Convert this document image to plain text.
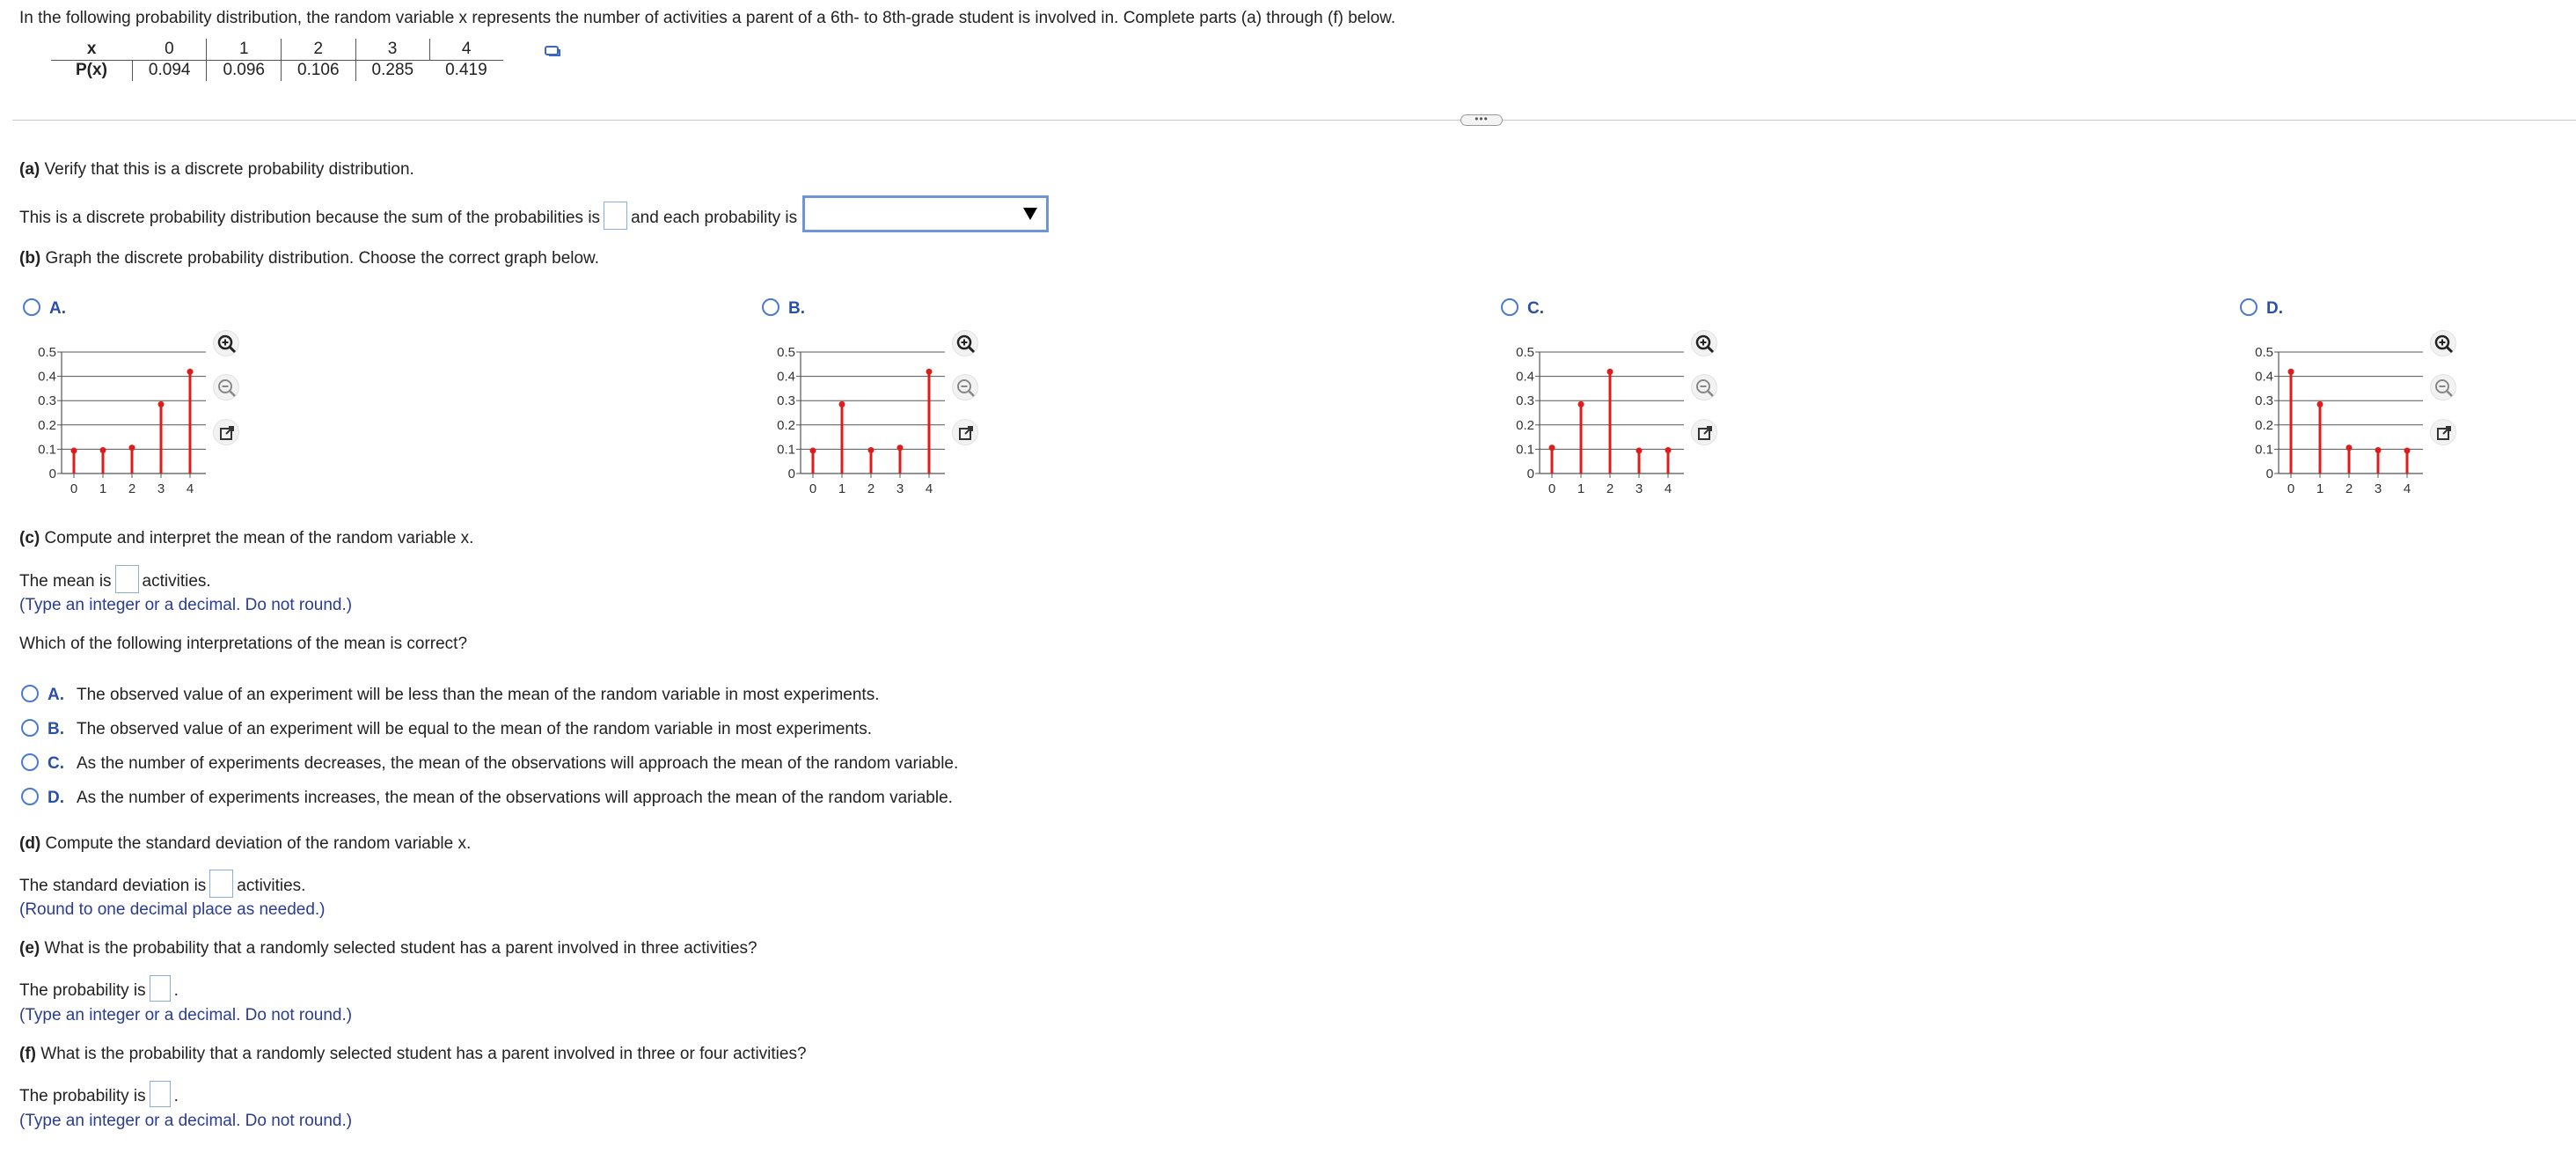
In the following probability distribution, the random variable x represents the number of activities a parent of a 6th- to 8th-grade student is involved in. Complete parts (a) through (f) below.
x	0	1	2	3	4
P(x)	0.094	0.096	0.106	0.285	0.419
•••
(a) Verify that this is a discrete probability distribution.
This is a discrete probability distribution because the sum of the probabilities is and each probability is
(b) Graph the discrete probability distribution. Choose the correct graph below.
A.	B.	C.	D.
0
0.1
0.2
0.3
0.4
0.5
0 1 2 3 4
0
0.1
0.2
0.3
0.4
0.5
0 1 2 3 4
0
0.1
0.2
0.3
0.4
0.5
0 1 2 3 4
0
0.1
0.2
0.3
0.4
0.5
0 1 2 3 4
(c) Compute and interpret the mean of the random variable x.
The mean is activities.
(Type an integer or a decimal. Do not round.)
Which of the following interpretations of the mean is correct?
A. The observed value of an experiment will be less than the mean of the random variable in most experiments.
B. The observed value of an experiment will be equal to the mean of the random variable in most experiments.
C. As the number of experiments decreases, the mean of the observations will approach the mean of the random variable.
D. As the number of experiments increases, the mean of the observations will approach the mean of the random variable.
(d) Compute the standard deviation of the random variable x.
The standard deviation is activities.
(Round to one decimal place as needed.)
(e) What is the probability that a randomly selected student has a parent involved in three activities?
The probability is .
(Type an integer or a decimal. Do not round.)
(f) What is the probability that a randomly selected student has a parent involved in three or four activities?
The probability is .
(Type an integer or a decimal. Do not round.)
